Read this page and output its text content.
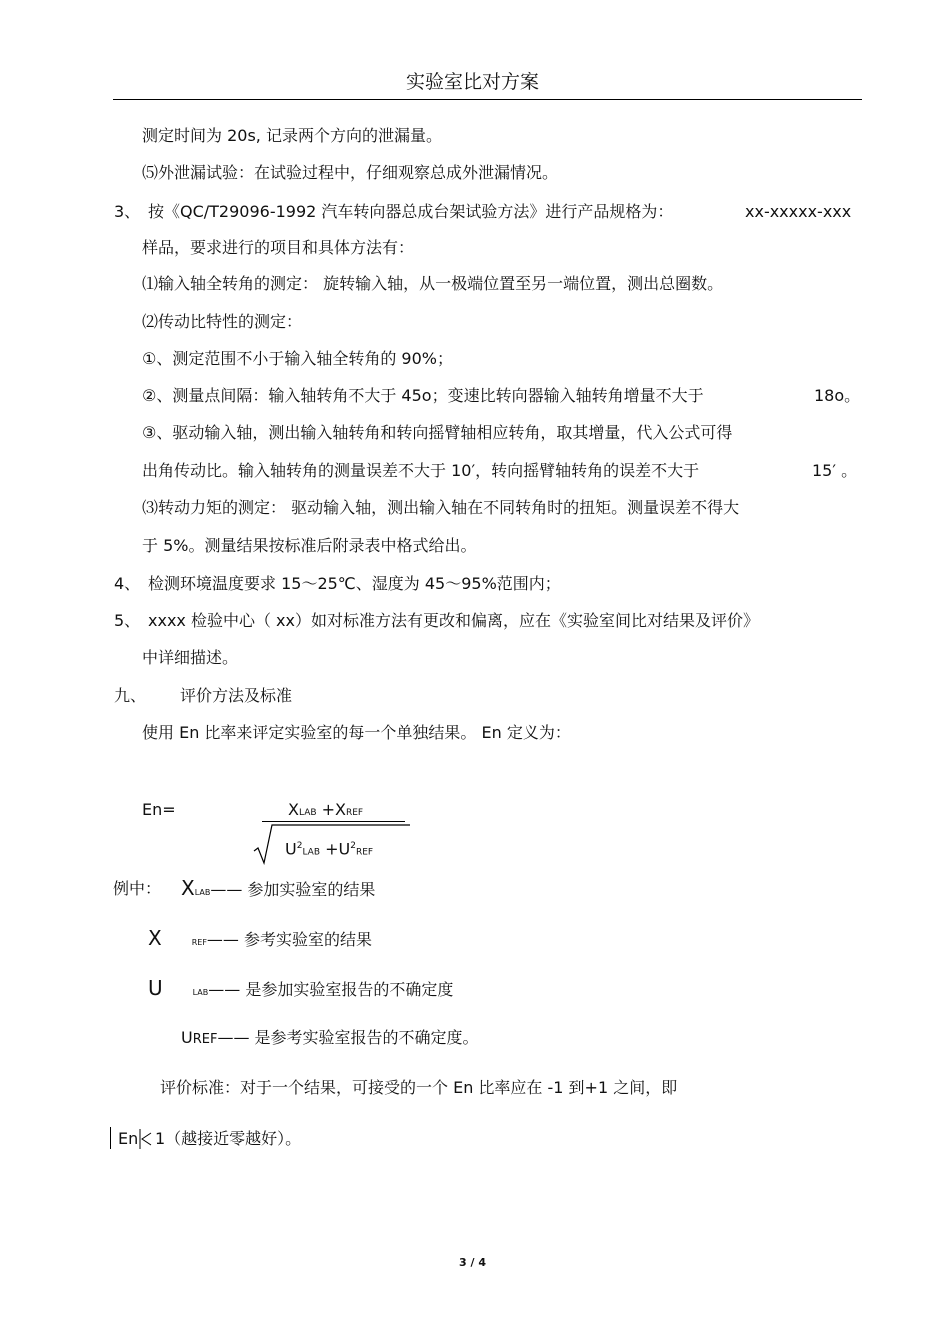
实验室比对方案
测定时间为 20s, 记录两个方向的泄漏量。
⑸外泄漏试验：在试验过程中，仔细观察总成外泄漏情况。
3、 按《QC/T29096-1992 汽车转向器总成台架试验方法》进行产品规格为：	xx-xxxxx-xxx
样品，要求进行的项目和具体方法有：
⑴输入轴全转角的测定： 旋转输入轴，从一极端位置至另一端位置，测出总圈数。
⑵传动比特性的测定：
①、测定范围不小于输入轴全转角的 90%；
②、测量点间隔：输入轴转角不大于 45o；变速比转向器输入轴转角增量不大于	18o。
③、驱动输入轴，测出输入轴转角和转向摇臂轴相应转角，取其增量，代入公式可得
出角传动比。输入轴转角的测量误差不大于 10′，转向摇臂轴转角的误差不大于	15′ 。
⑶转动力矩的测定： 驱动输入轴，测出输入轴在不同转角时的扭矩。测量误差不得大
于 5%。测量结果按标准后附录表中格式给出。
4、 检测环境温度要求 15～25℃、湿度为 45～95%范围内；
5、 xxxx 检验中心（ xx）如对标准方法有更改和偏离，应在《实验室间比对结果及评价》
中详细描述。
九、 评价方法及标准
使用 En 比率来评定实验室的每一个单独结果。 En 定义为：
En=	XLAB +XREF
$U^2LAB +U^2REF$
例中： XLAB—— 参加实验室的结果
X	REF—— 参考实验室的结果
U	LAB—— 是参加实验室报告的不确定度
UREF—— 是参考实验室报告的不确定度。
评价标准：对于一个结果，可接受的一个 En 比率应在 -1 到+1 之间，即
En 1（越接近零越好）。
3 / 4
